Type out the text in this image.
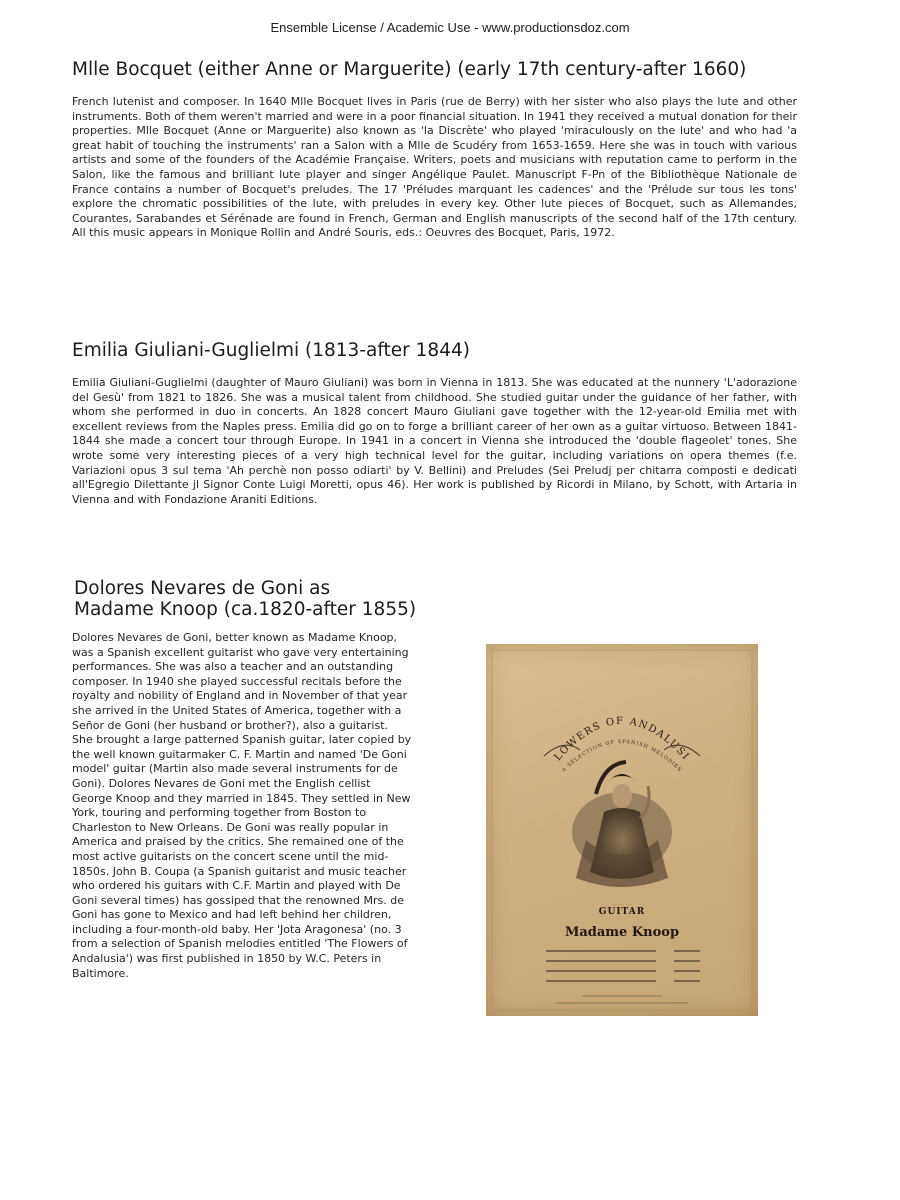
Ensemble License / Academic Use - www.productionsdoz.com
Mlle Bocquet (either Anne or Marguerite) (early 17th century-after 1660)

French lutenist and composer. In 1640 Mlle Bocquet lives in Paris (rue de Berry) with her sister who also plays the lute and other instruments. Both of them weren't married and were in a poor financial situation. In 1941 they received a mutual donation for their properties. Mlle Bocquet (Anne or Marguerite) also known as 'la Discrète' who played 'miraculously on the lute' and who had 'a great habit of touching the instruments' ran a Salon with a Mlle de Scudéry from 1653-1659. Here she was in touch with various artists and some of the founders of the Académie Française. Writers, poets and musicians with reputation came to perform in the Salon, like the famous and brilliant lute player and singer Angélique Paulet. Manuscript F-Pn of the Bibliothèque Nationale de France contains a number of Bocquet's preludes. The 17 'Préludes marquant les cadences' and the 'Prélude sur tous les tons' explore the chromatic possibilities of the lute, with preludes in every key. Other lute pieces of Bocquet, such as Allemandes, Courantes, Sarabandes et Sérénade are found in French, German and English manuscripts of the second half of the 17th century. All this music appears in Monique Rollin and André Souris, eds.: Oeuvres des Bocquet, Paris, 1972.

Emilia Giuliani-Guglielmi (1813-after 1844)

Emilia Giuliani-Guglielmi (daughter of Mauro Giuliani) was born in Vienna in 1813. She was educated at the nunnery 'L'adorazione del Gesù' from 1821 to 1826. She was a musical talent from childhood. She studied guitar under the guidance of her father, with whom she performed in duo in concerts. An 1828 concert Mauro Giuliani gave together with the 12-year-old Emilia met with excellent reviews from the Naples press. Emilia did go on to forge a brilliant career of her own as a guitar virtuoso. Between 1841-1844 she made a concert tour through Europe. In 1941 in a concert in Vienna she introduced the 'double flageolet' tones. She wrote some very interesting pieces of a very high technical level for the guitar, including variations on opera themes (f.e. Variazioni opus 3 sul tema 'Ah perchè non posso odiarti' by V. Bellini) and Preludes (Sei Preludj per chitarra composti e dedicati all'Egregio Dilettante jl Signor Conte Luigi Moretti, opus 46). Her work is published by Ricordi in Milano, by Schott, with Artaria in Vienna and with Fondazione Araniti Editions.

Dolores Nevares de Goni as
Madame Knoop (ca.1820-after 1855)

Dolores Nevares de Goni, better known as Madame Knoop, was a Spanish excellent guitarist who gave very entertaining performances. She was also a teacher and an outstanding composer. In 1940 she played successful recitals before the royalty and nobility of England and in November of that year she arrived in the United States of America, together with a Señor de Goni (her husband or brother?), also a guitarist. She brought a large patterned Spanish guitar, later copied by the well known guitarmaker C. F. Martin and named 'De Goni model' guitar (Martin also made several instruments for de Goni). Dolores Nevares de Goni met the English cellist George Knoop and they married in 1845. They settled in New York, touring and performing together from Boston to Charleston to New Orleans. De Goni was really popular in America and praised by the critics. She remained one of the most active guitarists on the concert scene until the mid-1850s. John B. Coupa (a Spanish guitarist and music teacher who ordered his guitars with C.F. Martin and played with De Goni several times) has gossiped that the renowned Mrs. de Goni has gone to Mexico and had left behind her children, including a four-month-old baby. Her 'Jota Aragonesa' (no. 3 from a selection of Spanish melodies entitled 'The Flowers of Andalusia') was first published in 1850 by W.C. Peters in Baltimore.

LOWERS OF ANDALUSI
A SELECTION OF SPANISH MELODIES
· · · · · · · ·
GUITAR
Madame Knoop
